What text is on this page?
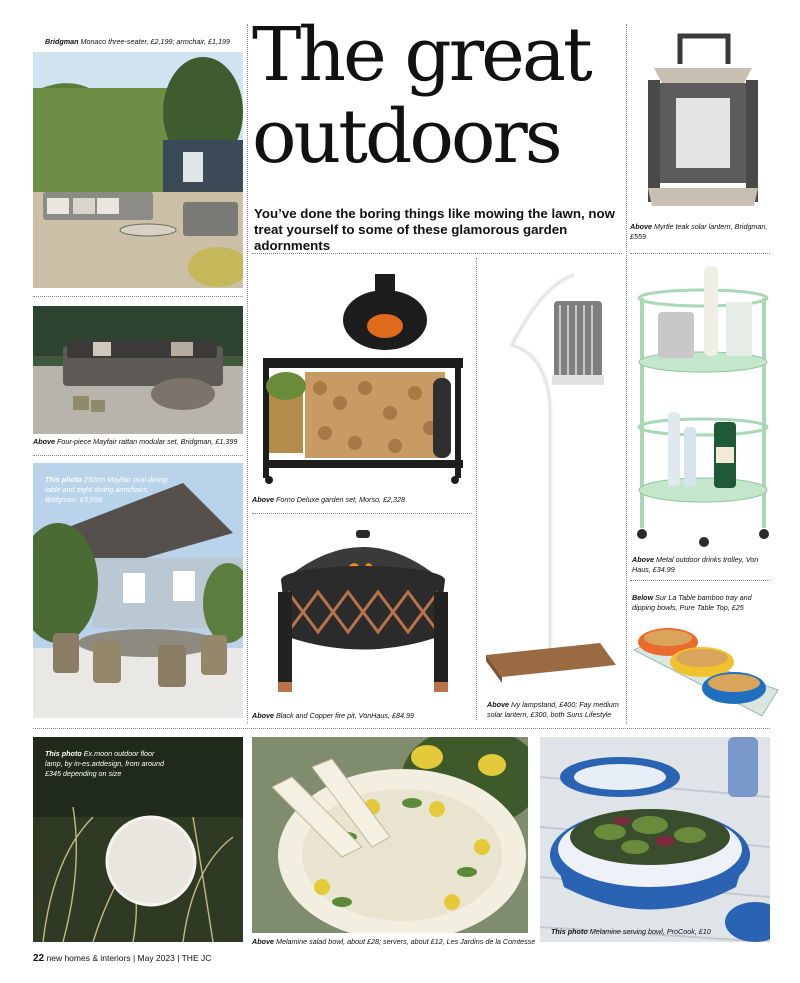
The great
outdoors
You’ve done the boring things like mowing the lawn, now treat yourself to some of these glamorous garden adornments
Bridgman Monaco three-seater, £2,199; armchair, £1,199
Above Four-piece Mayfair rattan modular set, Bridgman, £1,399
This photo 230cm Mayfair oval dining table and eight dining armchairs, Bridgman, £3,699	Above Forno Deluxe garden set, Morso, £2,328
Above Black and Copper fire pit, VonHaus, £84.99
Above Ivy lampstand, £400; Fay medium solar lantern, £300, both Suns Lifestyle
Above Myrtle teak solar lantern, Bridgman, £559
Above Metal outdoor drinks trolley, Von Haus, £34.99
Below Sur La Table bamboo tray and dipping bowls, Pure Table Top, £25
This photo Ex.moon outdoor floor lamp, by in-es.artdesign, from around £345 depending on size
Above Melamine salad bowl, about £28; servers, about £12, Les Jardins de la Comtesse
This photo Melamine serving bowl, ProCook, £10
22 new homes & interiors | May 2023 | THE JC
